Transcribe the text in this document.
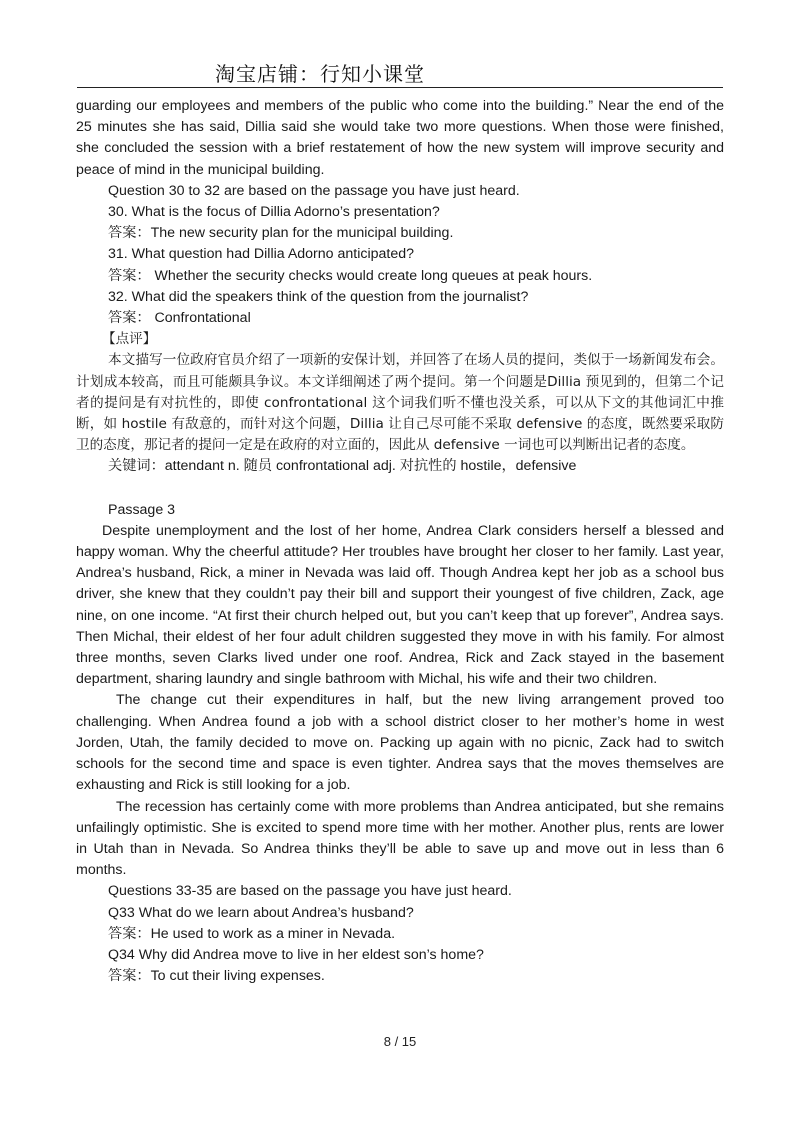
淘宝店铺：行知小课堂

guarding our employees and members of the public who come into the building.” Near the end of the 25 minutes she has said, Dillia said she would take two more questions. When those were finished, she concluded the session with a brief restatement of how the new system will improve security and peace of mind in the municipal building.

Question 30 to 32 are based on the passage you have just heard.

30. What is the focus of Dillia Adorno’s presentation?

答案：The new security plan for the municipal building.

31. What question had Dillia Adorno anticipated?

答案： Whether the security checks would create long queues at peak hours.

32. What did the speakers think of the question from the journalist?

答案： Confrontational

【点评】

本文描写一位政府官员介绍了一项新的安保计划，并回答了在场人员的提问，类似于一场新闻发布会。计划成本较高，而且可能颇具争议。本文详细阐述了两个提问。第一个问题是Dillia 预见到的，但第二个记者的提问是有对抗性的，即使 confrontational 这个词我们听不懂也没关系，可以从下文的其他词汇中推断，如 hostile 有敌意的，而针对这个问题，Dillia 让自己尽可能不采取 defensive 的态度，既然要采取防卫的态度，那记者的提问一定是在政府的对立面的，因此从 defensive 一词也可以判断出记者的态度。

关键词：attendant n. 随员 confrontational adj. 对抗性的 hostile，defensive

Passage 3

Despite unemployment and the lost of her home, Andrea Clark considers herself a blessed and happy woman. Why the cheerful attitude? Her troubles have brought her closer to her family. Last year, Andrea’s husband, Rick, a miner in Nevada was laid off. Though Andrea kept her job as a school bus driver, she knew that they couldn’t pay their bill and support their youngest of five children, Zack, age nine, on one income. “At first their church helped out, but you can’t keep that up forever”, Andrea says. Then Michal, their eldest of her four adult children suggested they move in with his family. For almost three months, seven Clarks lived under one roof. Andrea, Rick and Zack stayed in the basement department, sharing laundry and single bathroom with Michal, his wife and their two children.

The change cut their expenditures in half, but the new living arrangement proved too challenging. When Andrea found a job with a school district closer to her mother’s home in west Jorden, Utah, the family decided to move on. Packing up again with no picnic, Zack had to switch schools for the second time and space is even tighter. Andrea says that the moves themselves are exhausting and Rick is still looking for a job.

The recession has certainly come with more problems than Andrea anticipated, but she remains unfailingly optimistic. She is excited to spend more time with her mother. Another plus, rents are lower in Utah than in Nevada. So Andrea thinks they’ll be able to save up and move out in less than 6 months.

Questions 33-35 are based on the passage you have just heard.

Q33 What do we learn about Andrea’s husband?

答案：He used to work as a miner in Nevada.

Q34 Why did Andrea move to live in her eldest son’s home?

答案：To cut their living expenses.

8 / 15
